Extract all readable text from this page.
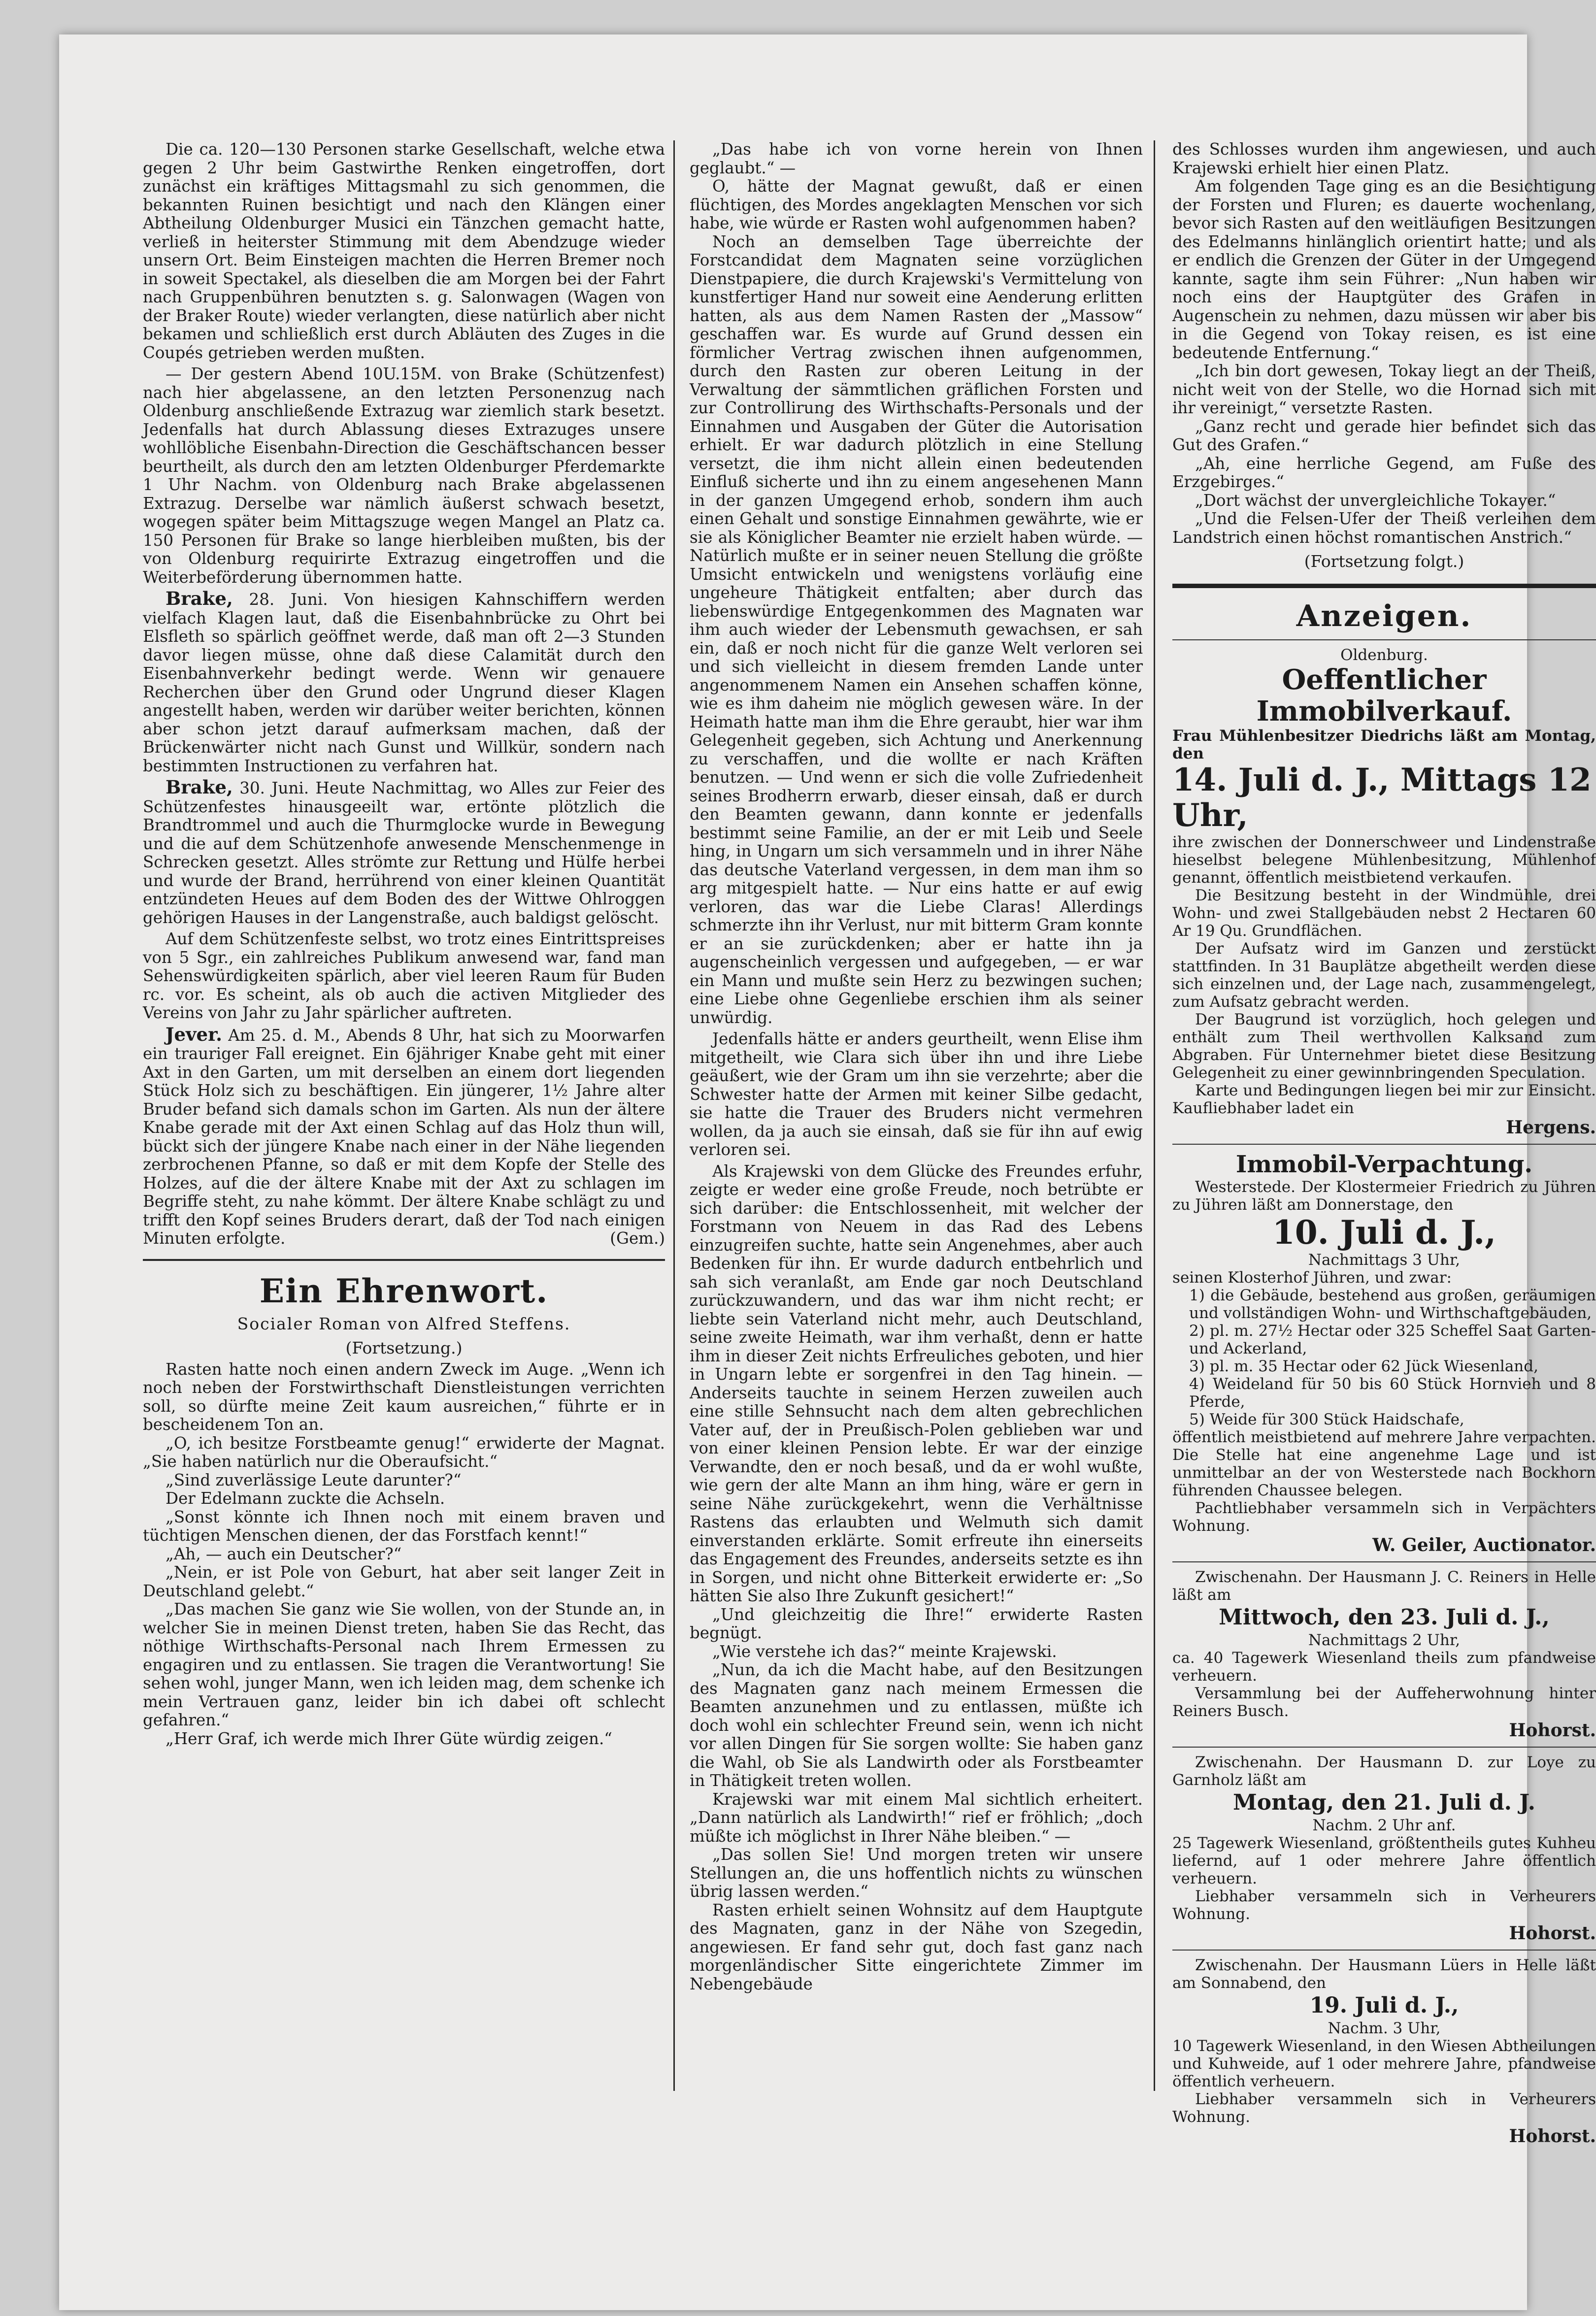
Die ca. 120—130 Personen starke Gesellschaft, welche etwa gegen 2 Uhr beim Gastwirthe Renken eingetroffen, dort zunächst ein kräftiges Mittagsmahl zu sich genommen, die bekannten Ruinen besichtigt und nach den Klängen einer Abtheilung Oldenburger Musici ein Tänzchen gemacht hatte, verließ in heiterster Stimmung mit dem Abendzuge wieder unsern Ort. Beim Einsteigen machten die Herren Bremer noch in soweit Spectakel, als dieselben die am Morgen bei der Fahrt nach Gruppenbühren benutzten s. g. Salonwagen (Wagen von der Braker Route) wieder verlangten, diese natürlich aber nicht bekamen und schließlich erst durch Abläuten des Zuges in die Coupés getrieben werden mußten.

— Der gestern Abend 10U.15M. von Brake (Schützenfest) nach hier abgelassene, an den letzten Personenzug nach Oldenburg anschließende Extrazug war ziemlich stark besetzt. Jedenfalls hat durch Ablassung dieses Extrazuges unsere wohllöbliche Eisenbahn-Direction die Geschäftschancen besser beurtheilt, als durch den am letzten Oldenburger Pferdemarkte 1 Uhr Nachm. von Oldenburg nach Brake abgelassenen Extrazug. Derselbe war nämlich äußerst schwach besetzt, wogegen später beim Mittagszuge wegen Mangel an Platz ca. 150 Personen für Brake so lange hierbleiben mußten, bis der von Oldenburg requirirte Extrazug eingetroffen und die Weiterbeförderung übernommen hatte.

Brake, 28. Juni. Von hiesigen Kahnschiffern werden vielfach Klagen laut, daß die Eisenbahnbrücke zu Ohrt bei Elsfleth so spärlich geöffnet werde, daß man oft 2—3 Stunden davor liegen müsse, ohne daß diese Calamität durch den Eisenbahnverkehr bedingt werde. Wenn wir genauere Recherchen über den Grund oder Ungrund dieser Klagen angestellt haben, werden wir darüber weiter berichten, können aber schon jetzt darauf aufmerksam machen, daß der Brückenwärter nicht nach Gunst und Willkür, sondern nach bestimmten Instructionen zu verfahren hat.

Brake, 30. Juni. Heute Nachmittag, wo Alles zur Feier des Schützenfestes hinausgeeilt war, ertönte plötzlich die Brandtrommel und auch die Thurmglocke wurde in Bewegung und die auf dem Schützenhofe anwesende Menschenmenge in Schrecken gesetzt. Alles strömte zur Rettung und Hülfe herbei und wurde der Brand, herrührend von einer kleinen Quantität entzündeten Heues auf dem Boden des der Wittwe Ohlroggen gehörigen Hauses in der Langenstraße, auch baldigst gelöscht.

Auf dem Schützenfeste selbst, wo trotz eines Eintrittspreises von 5 Sgr., ein zahlreiches Publikum anwesend war, fand man Sehenswürdigkeiten spärlich, aber viel leeren Raum für Buden rc. vor. Es scheint, als ob auch die activen Mitglieder des Vereins von Jahr zu Jahr spärlicher auftreten.

Jever. Am 25. d. M., Abends 8 Uhr, hat sich zu Moorwarfen ein trauriger Fall ereignet. Ein 6jähriger Knabe geht mit einer Axt in den Garten, um mit derselben an einem dort liegenden Stück Holz sich zu beschäftigen. Ein jüngerer, 1½ Jahre alter Bruder befand sich damals schon im Garten. Als nun der ältere Knabe gerade mit der Axt einen Schlag auf das Holz thun will, bückt sich der jüngere Knabe nach einer in der Nähe liegenden zerbrochenen Pfanne, so daß er mit dem Kopfe der Stelle des Holzes, auf die der ältere Knabe mit der Axt zu schlagen im Begriffe steht, zu nahe kömmt. Der ältere Knabe schlägt zu und trifft den Kopf seines Bruders derart, daß der Tod nach einigen Minuten erfolgte.	(Gem.)

Ein Ehrenwort.
Socialer Roman von Alfred Steffens.
(Fortsetzung.)

Rasten hatte noch einen andern Zweck im Auge. „Wenn ich noch neben der Forstwirthschaft Dienstleistungen verrichten soll, so dürfte meine Zeit kaum ausreichen,“ führte er in bescheidenem Ton an.

„O, ich besitze Forstbeamte genug!“ erwiderte der Magnat. „Sie haben natürlich nur die Oberaufsicht.“

„Sind zuverlässige Leute darunter?“

Der Edelmann zuckte die Achseln.

„Sonst könnte ich Ihnen noch mit einem braven und tüchtigen Menschen dienen, der das Forstfach kennt!“

„Ah, — auch ein Deutscher?“

„Nein, er ist Pole von Geburt, hat aber seit langer Zeit in Deutschland gelebt.“

„Das machen Sie ganz wie Sie wollen, von der Stunde an, in welcher Sie in meinen Dienst treten, haben Sie das Recht, das nöthige Wirthschafts-Personal nach Ihrem Ermessen zu engagiren und zu entlassen. Sie tragen die Verantwortung! Sie sehen wohl, junger Mann, wen ich leiden mag, dem schenke ich mein Vertrauen ganz, leider bin ich dabei oft schlecht gefahren.“

„Herr Graf, ich werde mich Ihrer Güte würdig zeigen.“

„Das habe ich von vorne herein von Ihnen geglaubt.“ —

O, hätte der Magnat gewußt, daß er einen flüchtigen, des Mordes angeklagten Menschen vor sich habe, wie würde er Rasten wohl aufgenommen haben?

Noch an demselben Tage überreichte der Forstcandidat dem Magnaten seine vorzüglichen Dienstpapiere, die durch Krajewski's Vermittelung von kunstfertiger Hand nur soweit eine Aenderung erlitten hatten, als aus dem Namen Rasten der „Massow“ geschaffen war. Es wurde auf Grund dessen ein förmlicher Vertrag zwischen ihnen aufgenommen, durch den Rasten zur oberen Leitung in der Verwaltung der sämmtlichen gräflichen Forsten und zur Controllirung des Wirthschafts-Personals und der Einnahmen und Ausgaben der Güter die Autorisation erhielt. Er war dadurch plötzlich in eine Stellung versetzt, die ihm nicht allein einen bedeutenden Einfluß sicherte und ihn zu einem angesehenen Mann in der ganzen Umgegend erhob, sondern ihm auch einen Gehalt und sonstige Einnahmen gewährte, wie er sie als Königlicher Beamter nie erzielt haben würde. — Natürlich mußte er in seiner neuen Stellung die größte Umsicht entwickeln und wenigstens vorläufig eine ungeheure Thätigkeit entfalten; aber durch das liebenswürdige Entgegenkommen des Magnaten war ihm auch wieder der Lebensmuth gewachsen, er sah ein, daß er noch nicht für die ganze Welt verloren sei und sich vielleicht in diesem fremden Lande unter angenommenem Namen ein Ansehen schaffen könne, wie es ihm daheim nie möglich gewesen wäre. In der Heimath hatte man ihm die Ehre geraubt, hier war ihm Gelegenheit gegeben, sich Achtung und Anerkennung zu verschaffen, und die wollte er nach Kräften benutzen. — Und wenn er sich die volle Zufriedenheit seines Brodherrn erwarb, dieser einsah, daß er durch den Beamten gewann, dann konnte er jedenfalls bestimmt seine Familie, an der er mit Leib und Seele hing, in Ungarn um sich versammeln und in ihrer Nähe das deutsche Vaterland vergessen, in dem man ihm so arg mitgespielt hatte. — Nur eins hatte er auf ewig verloren, das war die Liebe Claras! Allerdings schmerzte ihn ihr Verlust, nur mit bitterm Gram konnte er an sie zurückdenken; aber er hatte ihn ja augenscheinlich vergessen und aufgegeben, — er war ein Mann und mußte sein Herz zu bezwingen suchen; eine Liebe ohne Gegenliebe erschien ihm als seiner unwürdig.

Jedenfalls hätte er anders geurtheilt, wenn Elise ihm mitgetheilt, wie Clara sich über ihn und ihre Liebe geäußert, wie der Gram um ihn sie verzehrte; aber die Schwester hatte der Armen mit keiner Silbe gedacht, sie hatte die Trauer des Bruders nicht vermehren wollen, da ja auch sie einsah, daß sie für ihn auf ewig verloren sei.

Als Krajewski von dem Glücke des Freundes erfuhr, zeigte er weder eine große Freude, noch betrübte er sich darüber: die Entschlossenheit, mit welcher der Forstmann von Neuem in das Rad des Lebens einzugreifen suchte, hatte sein Angenehmes, aber auch Bedenken für ihn. Er wurde dadurch entbehrlich und sah sich veranlaßt, am Ende gar noch Deutschland zurückzuwandern, und das war ihm nicht recht; er liebte sein Vaterland nicht mehr, auch Deutschland, seine zweite Heimath, war ihm verhaßt, denn er hatte ihm in dieser Zeit nichts Erfreuliches geboten, und hier in Ungarn lebte er sorgenfrei in den Tag hinein. — Anderseits tauchte in seinem Herzen zuweilen auch eine stille Sehnsucht nach dem alten gebrechlichen Vater auf, der in Preußisch-Polen geblieben war und von einer kleinen Pension lebte. Er war der einzige Verwandte, den er noch besaß, und da er wohl wußte, wie gern der alte Mann an ihm hing, wäre er gern in seine Nähe zurückgekehrt, wenn die Verhältnisse Rastens das erlaubten und Welmuth sich damit einverstanden erklärte. Somit erfreute ihn einerseits das Engagement des Freundes, anderseits setzte es ihn in Sorgen, und nicht ohne Bitterkeit erwiderte er: „So hätten Sie also Ihre Zukunft gesichert!“

„Und gleichzeitig die Ihre!“ erwiderte Rasten begnügt.

„Wie verstehe ich das?“ meinte Krajewski.

„Nun, da ich die Macht habe, auf den Besitzungen des Magnaten ganz nach meinem Ermessen die Beamten anzunehmen und zu entlassen, müßte ich doch wohl ein schlechter Freund sein, wenn ich nicht vor allen Dingen für Sie sorgen wollte: Sie haben ganz die Wahl, ob Sie als Landwirth oder als Forstbeamter in Thätigkeit treten wollen.

Krajewski war mit einem Mal sichtlich erheitert. „Dann natürlich als Landwirth!“ rief er fröhlich; „doch müßte ich möglichst in Ihrer Nähe bleiben.“ —

„Das sollen Sie! Und morgen treten wir unsere Stellungen an, die uns hoffentlich nichts zu wünschen übrig lassen werden.“

Rasten erhielt seinen Wohnsitz auf dem Hauptgute des Magnaten, ganz in der Nähe von Szegedin, angewiesen. Er fand sehr gut, doch fast ganz nach morgenländischer Sitte eingerichtete Zimmer im Nebengebäude

des Schlosses wurden ihm angewiesen, und auch Krajewski erhielt hier einen Platz.

Am folgenden Tage ging es an die Besichtigung der Forsten und Fluren; es dauerte wochenlang, bevor sich Rasten auf den weitläufigen Besitzungen des Edelmanns hinlänglich orientirt hatte; und als er endlich die Grenzen der Güter in der Umgegend kannte, sagte ihm sein Führer: „Nun haben wir noch eins der Hauptgüter des Grafen in Augenschein zu nehmen, dazu müssen wir aber bis in die Gegend von Tokay reisen, es ist eine bedeutende Entfernung.“

„Ich bin dort gewesen, Tokay liegt an der Theiß, nicht weit von der Stelle, wo die Hornad sich mit ihr vereinigt,“ versetzte Rasten.

„Ganz recht und gerade hier befindet sich das Gut des Grafen.“

„Ah, eine herrliche Gegend, am Fuße des Erzgebirges.“

„Dort wächst der unvergleichliche Tokayer.“

„Und die Felsen-Ufer der Theiß verleihen dem Landstrich einen höchst romantischen Anstrich.“

(Fortsetzung folgt.)
Anzeigen.

Oldenburg.

Oeffentlicher Immobilverkauf.

Frau Mühlenbesitzer Diedrichs läßt am Montag, den

14. Juli d. J., Mittags 12 Uhr,

ihre zwischen der Donnerschweer und Lindenstraße hieselbst belegene Mühlenbesitzung, Mühlenhof genannt, öffentlich meistbietend verkaufen.

Die Besitzung besteht in der Windmühle, drei Wohn- und zwei Stallgebäuden nebst 2 Hectaren 60 Ar 19 Qu. Grundflächen.

Der Aufsatz wird im Ganzen und zerstückt stattfinden. In 31 Bauplätze abgetheilt werden diese sich einzelnen und, der Lage nach, zusammengelegt, zum Aufsatz gebracht werden.

Der Baugrund ist vorzüglich, hoch gelegen und enthält zum Theil werthvollen Kalksand zum Abgraben. Für Unternehmer bietet diese Besitzung Gelegenheit zu einer gewinnbringenden Speculation.

Karte und Bedingungen liegen bei mir zur Einsicht. Kaufliebhaber ladet ein

Hergens.
Immobil-Verpachtung.

Westerstede. Der Klostermeier Friedrich zu Jühren zu Jühren läßt am Donnerstage, den

10. Juli d. J.,

Nachmittags 3 Uhr,

seinen Klosterhof Jühren, und zwar:

1) die Gebäude, bestehend aus großen, geräumigen und vollständigen Wohn- und Wirthschaftgebäuden,

2) pl. m. 27½ Hectar oder 325 Scheffel Saat Garten- und Ackerland,

3) pl. m. 35 Hectar oder 62 Jück Wiesenland,

4) Weideland für 50 bis 60 Stück Hornvieh und 8 Pferde,

5) Weide für 300 Stück Haidschafe,

öffentlich meistbietend auf mehrere Jahre verpachten. Die Stelle hat eine angenehme Lage und ist unmittelbar an der von Westerstede nach Bockhorn führenden Chaussee belegen.

Pachtliebhaber versammeln sich in Verpächters Wohnung.

W. Geiler, Auctionator.

Zwischenahn. Der Hausmann J. C. Reiners in Helle läßt am

Mittwoch, den 23. Juli d. J.,

Nachmittags 2 Uhr,

ca. 40 Tagewerk Wiesenland theils zum pfandweise verheuern.

Versammlung bei der Auffeherwohnung hinter Reiners Busch.

Hohorst.

Zwischenahn. Der Hausmann D. zur Loye zu Garnholz läßt am

Montag, den 21. Juli d. J.

Nachm. 2 Uhr anf.

25 Tagewerk Wiesenland, größtentheils gutes Kuhheu liefernd, auf 1 oder mehrere Jahre öffentlich verheuern.

Liebhaber versammeln sich in Verheurers Wohnung.

Hohorst.

Zwischenahn. Der Hausmann Lüers in Helle läßt am Sonnabend, den

19. Juli d. J.,

Nachm. 3 Uhr,

10 Tagewerk Wiesenland, in den Wiesen Abtheilungen und Kuhweide, auf 1 oder mehrere Jahre, pfandweise öffentlich verheuern.

Liebhaber versammeln sich in Verheurers Wohnung.

Hohorst.
